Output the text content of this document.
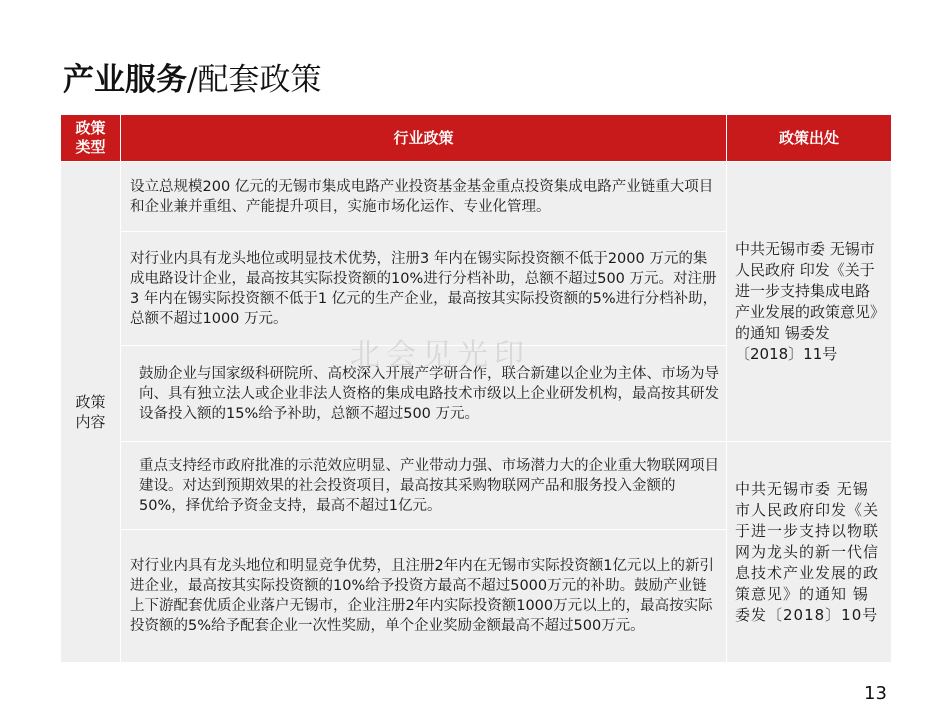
产业服务/配套政策
政策类型	行业政策	政策出处
政策内容	设立总规模200 亿元的无锡市集成电路产业投资基金基金重点投资集成电路产业链重大项目和企业兼并重组、产能提升项目，实施市场化运作、专业化管理。	中共无锡市委 无锡市人民政府 印发《关于进一步支持集成电路产业发展的政策意见》的通知 锡委发〔2018〕11号
	对行业内具有龙头地位或明显技术优势，注册3 年内在锡实际投资额不低于2000 万元的集成电路设计企业，最高按其实际投资额的10%进行分档补助，总额不超过500 万元。对注册3 年内在锡实际投资额不低于1 亿元的生产企业，最高按其实际投资额的5%进行分档补助，总额不超过1000 万元。	
	鼓励企业与国家级科研院所、高校深入开展产学研合作，联合新建以企业为主体、市场为导向、具有独立法人或企业非法人资格的集成电路技术市级以上企业研发机构，最高按其研发设备投入额的15%给予补助，总额不超过500 万元。	
	重点支持经市政府批准的示范效应明显、产业带动力强、市场潜力大的企业重大物联网项目建设。对达到预期效果的社会投资项目，最高按其采购物联网产品和服务投入金额的50%，择优给予资金支持，最高不超过1亿元。	中共无锡市委 无锡市人民政府印发《关于进一步支持以物联网为龙头的新一代信息技术产业发展的政策意见》的通知 锡委发〔2018〕10号
	对行业内具有龙头地位和明显竞争优势，且注册2年内在无锡市实际投资额1亿元以上的新引进企业，最高按其实际投资额的10%给予投资方最高不超过5000万元的补助。鼓励产业链上下游配套优质企业落户无锡市，企业注册2年内实际投资额1000万元以上的，最高按实际投资额的5%给予配套企业一次性奖励，单个企业奖励金额最高不超过500万元。	
北会见光印
13
